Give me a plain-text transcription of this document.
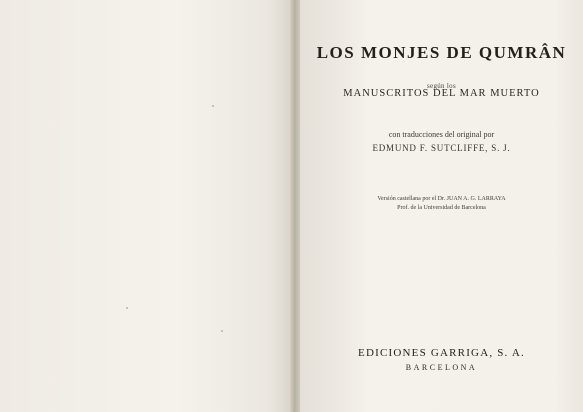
LOS MONJES DE QUMRÂN
según los
MANUSCRITOS DEL MAR MUERTO
con traducciones del original por
EDMUND F. SUTCLIFFE, S. J.
Versión castellana por el Dr. JUAN A. G. LARRAYA
Prof. de la Universidad de Barcelona
EDICIONES GARRIGA, S. A.
BARCELONA
